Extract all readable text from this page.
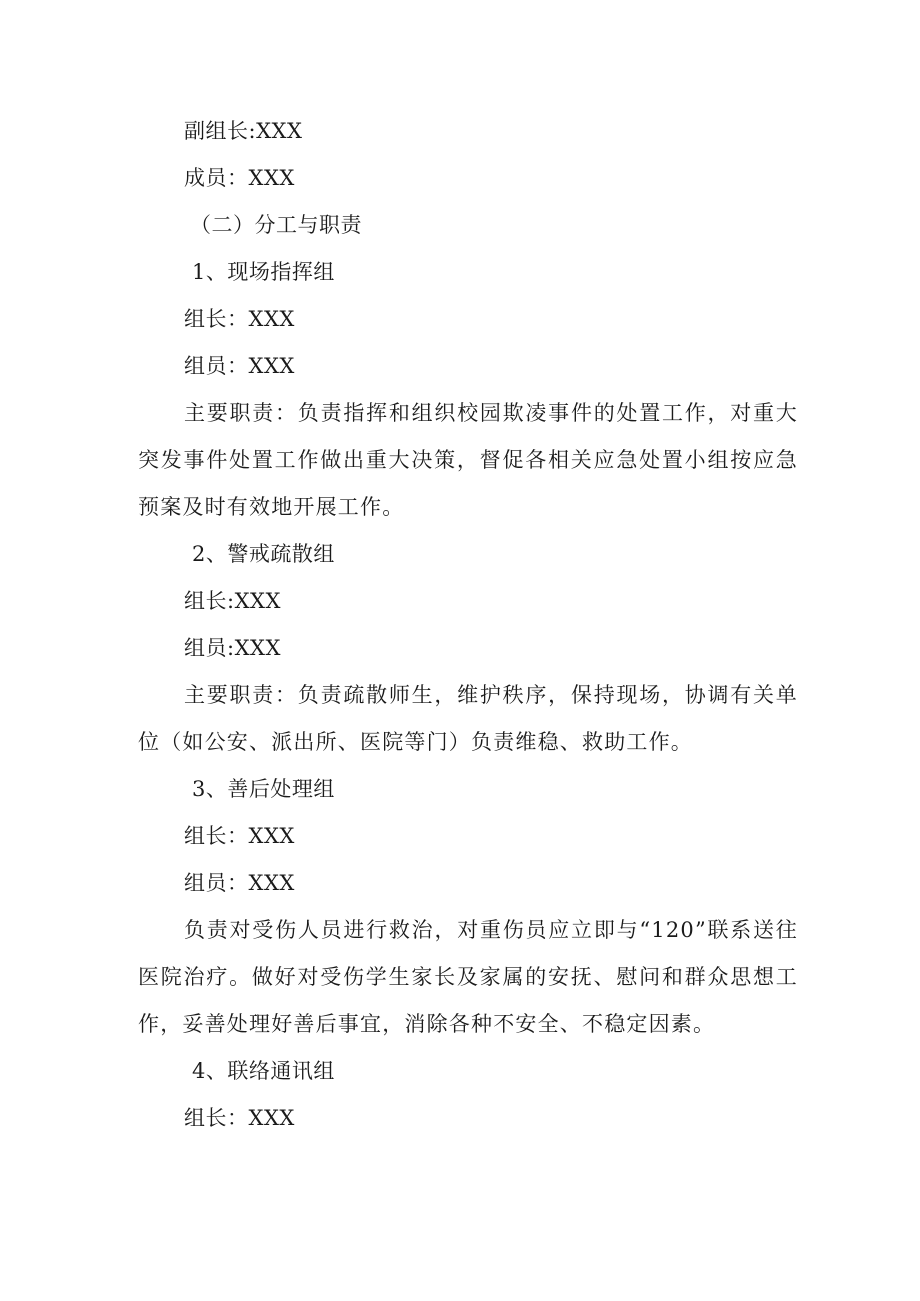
副组长:XXX
成员：XXX
（二）分工与职责
1、现场指挥组
组长：XXX
组员：XXX

主要职责：负责指挥和组织校园欺凌事件的处置工作，对重大突发事件处置工作做出重大决策，督促各相关应急处置小组按应急预案及时有效地开展工作。

2、警戒疏散组
组长:XXX
组员:XXX

主要职责：负责疏散师生，维护秩序，保持现场，协调有关单位（如公安、派出所、医院等门）负责维稳、救助工作。

3、善后处理组
组长：XXX
组员：XXX

负责对受伤人员进行救治，对重伤员应立即与“120”联系送往医院治疗。做好对受伤学生家长及家属的安抚、慰问和群众思想工作，妥善处理好善后事宜，消除各种不安全、不稳定因素。

4、联络通讯组
组长：XXX
